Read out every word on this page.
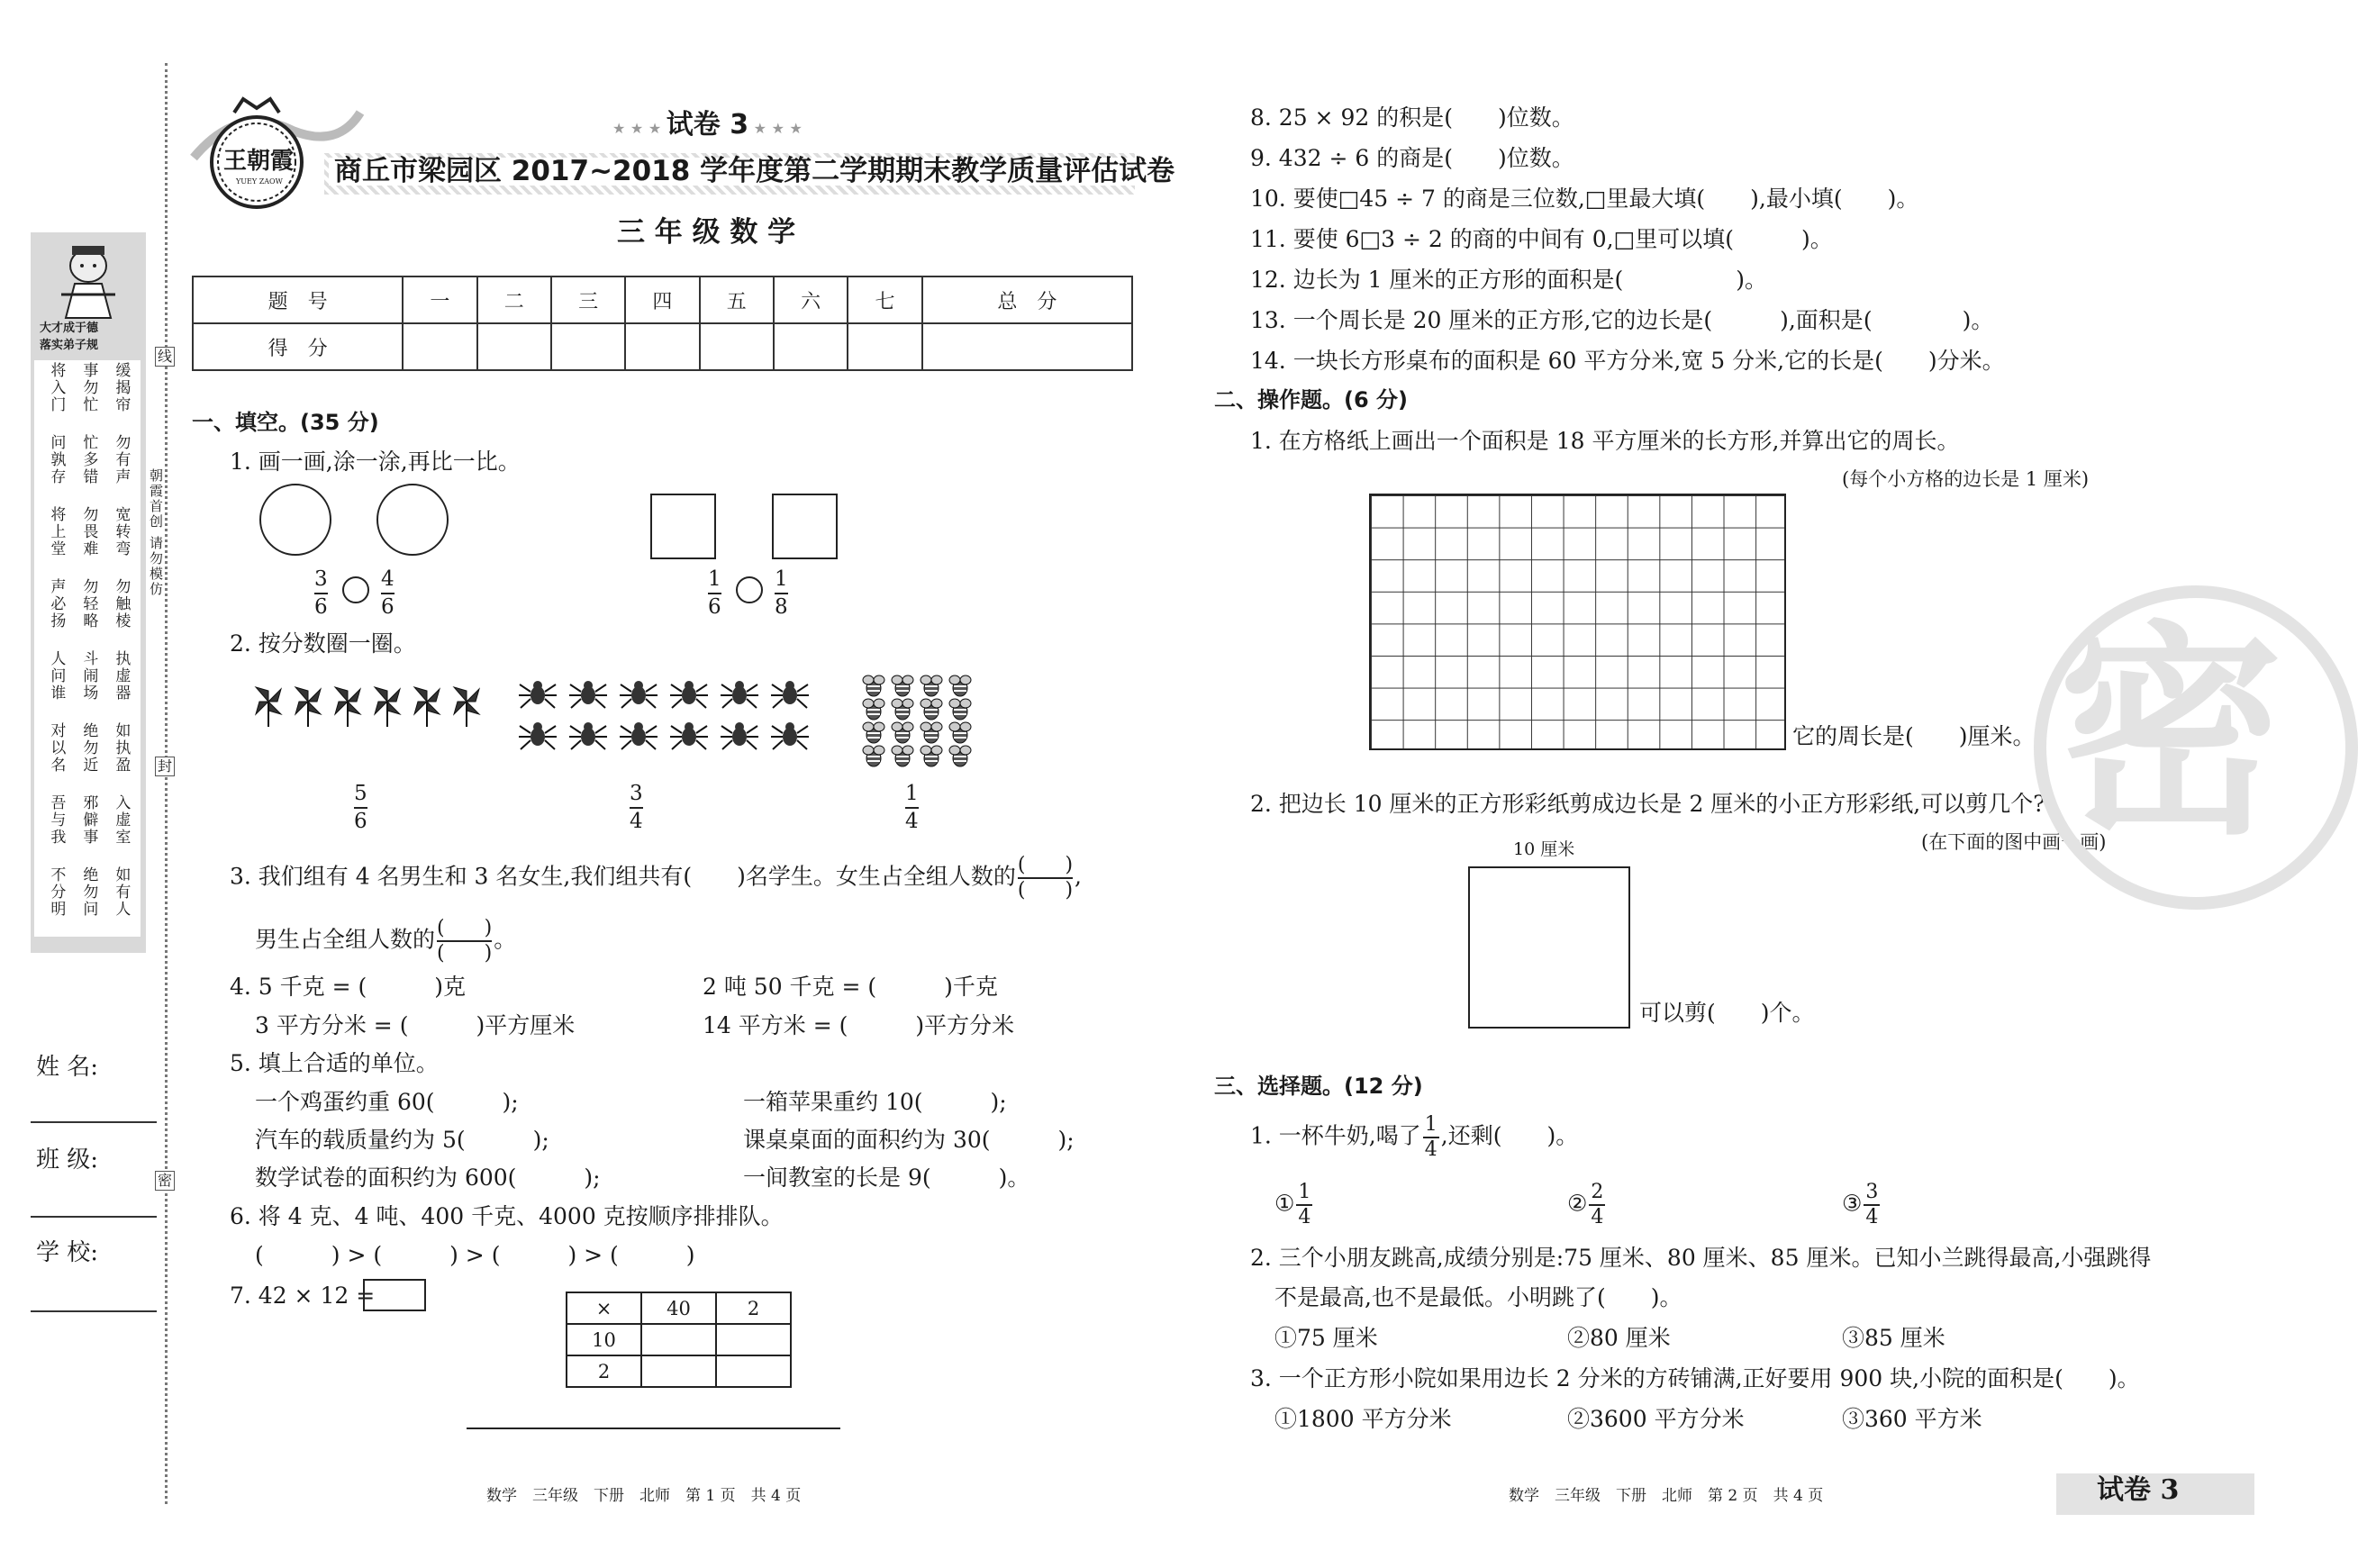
大才成于德
落实弟子规
缓揭帘
事勿忙
将入门
勿有声
忙多错
问孰存
宽转弯
勿畏难
将上堂
勿触棱
勿轻略
声必扬
执虚器
斗闹场
人问谁
如执盈
绝勿近
对以名
入虚室
邪僻事
吾与我
如有人
绝勿问
不分明
朝霞首创 请勿模仿
线
封
密
姓 名:
班 级:
学 校:
王朝霞
YUEY ZAOW
★ ★ ★ 试卷 3 ★ ★ ★
商丘市梁园区 2017~2018 学年度第二学期期末教学质量评估试卷
三 年 级 数 学
题　号	一	二	三	四	五	六	七	总　分
得　分								
一、填空。(35 分)
1. 画一画,涂一涂,再比一比。
3
6
4
6
1
6
1
8
2. 按分数圈一圈。
5
6
3
4
1
4
3. 我们组有 4 名男生和 3 名女生,我们组共有(　　)名学生。女生占全组人数的 (　　)
(　　)
,
男生占全组人数的 (　　)
(　　)
。
4. 5 千克 = (　　　)克	2 吨 50 千克 = (　　　)千克
3 平方分米 = (　　　)平方厘米	14 平方米 = (　　　)平方分米
5. 填上合适的单位。
一个鸡蛋约重 60(　　　);	一箱苹果重约 10(　　　);
汽车的载质量约为 5(　　　);	课桌桌面的面积约为 30(　　　);
数学试卷的面积约为 600(　　　);	一间教室的长是 9(　　　)。
6. 将 4 克、4 吨、400 千克、4000 克按顺序排排队。
(　　　) > (　　　) > (　　　) > (　　　)
7. 42 × 12 =	×	40	2
10		
2		
数学　三年级　下册　北师　第 1 页　共 4 页
8. 25 × 92 的积是(　　)位数。
9. 432 ÷ 6 的商是(　　)位数。
10. 要使□45 ÷ 7 的商是三位数,□里最大填(　　),最小填(　　)。
11. 要使 6□3 ÷ 2 的商的中间有 0,□里可以填(　　　)。
12. 边长为 1 厘米的正方形的面积是(　　　　　)。
13. 一个周长是 20 厘米的正方形,它的边长是(　　　),面积是(　　　　)。
14. 一块长方形桌布的面积是 60 平方分米,宽 5 分米,它的长是(　　)分米。
二、操作题。(6 分)
1. 在方格纸上画出一个面积是 18 平方厘米的长方形,并算出它的周长。
(每个小方格的边长是 1 厘米)
它的周长是(　　)厘米。
2. 把边长 10 厘米的正方形彩纸剪成边长是 2 厘米的小正方形彩纸,可以剪几个?
(在下面的图中画一画)
10 厘米
可以剪(　　)个。
三、选择题。(12 分)
1. 一杯牛奶,喝了 $\frac{1}{4}$ ,还剩(　　)。
① $\frac{1}{4}$	② $\frac{2}{4}$	③ $\frac{3}{4}$
2. 三个小朋友跳高,成绩分别是:75 厘米、80 厘米、85 厘米。已知小兰跳得最高,小强跳得
不是最高,也不是最低。小明跳了(　　)。
①75 厘米	②80 厘米	③85 厘米
3. 一个正方形小院如果用边长 2 分米的方砖铺满,正好要用 900 块,小院的面积是(　　)。
①1800 平方分米	②3600 平方分米	③360 平方米
数学　三年级　下册　北师　第 2 页　共 4 页	试卷 3
密
